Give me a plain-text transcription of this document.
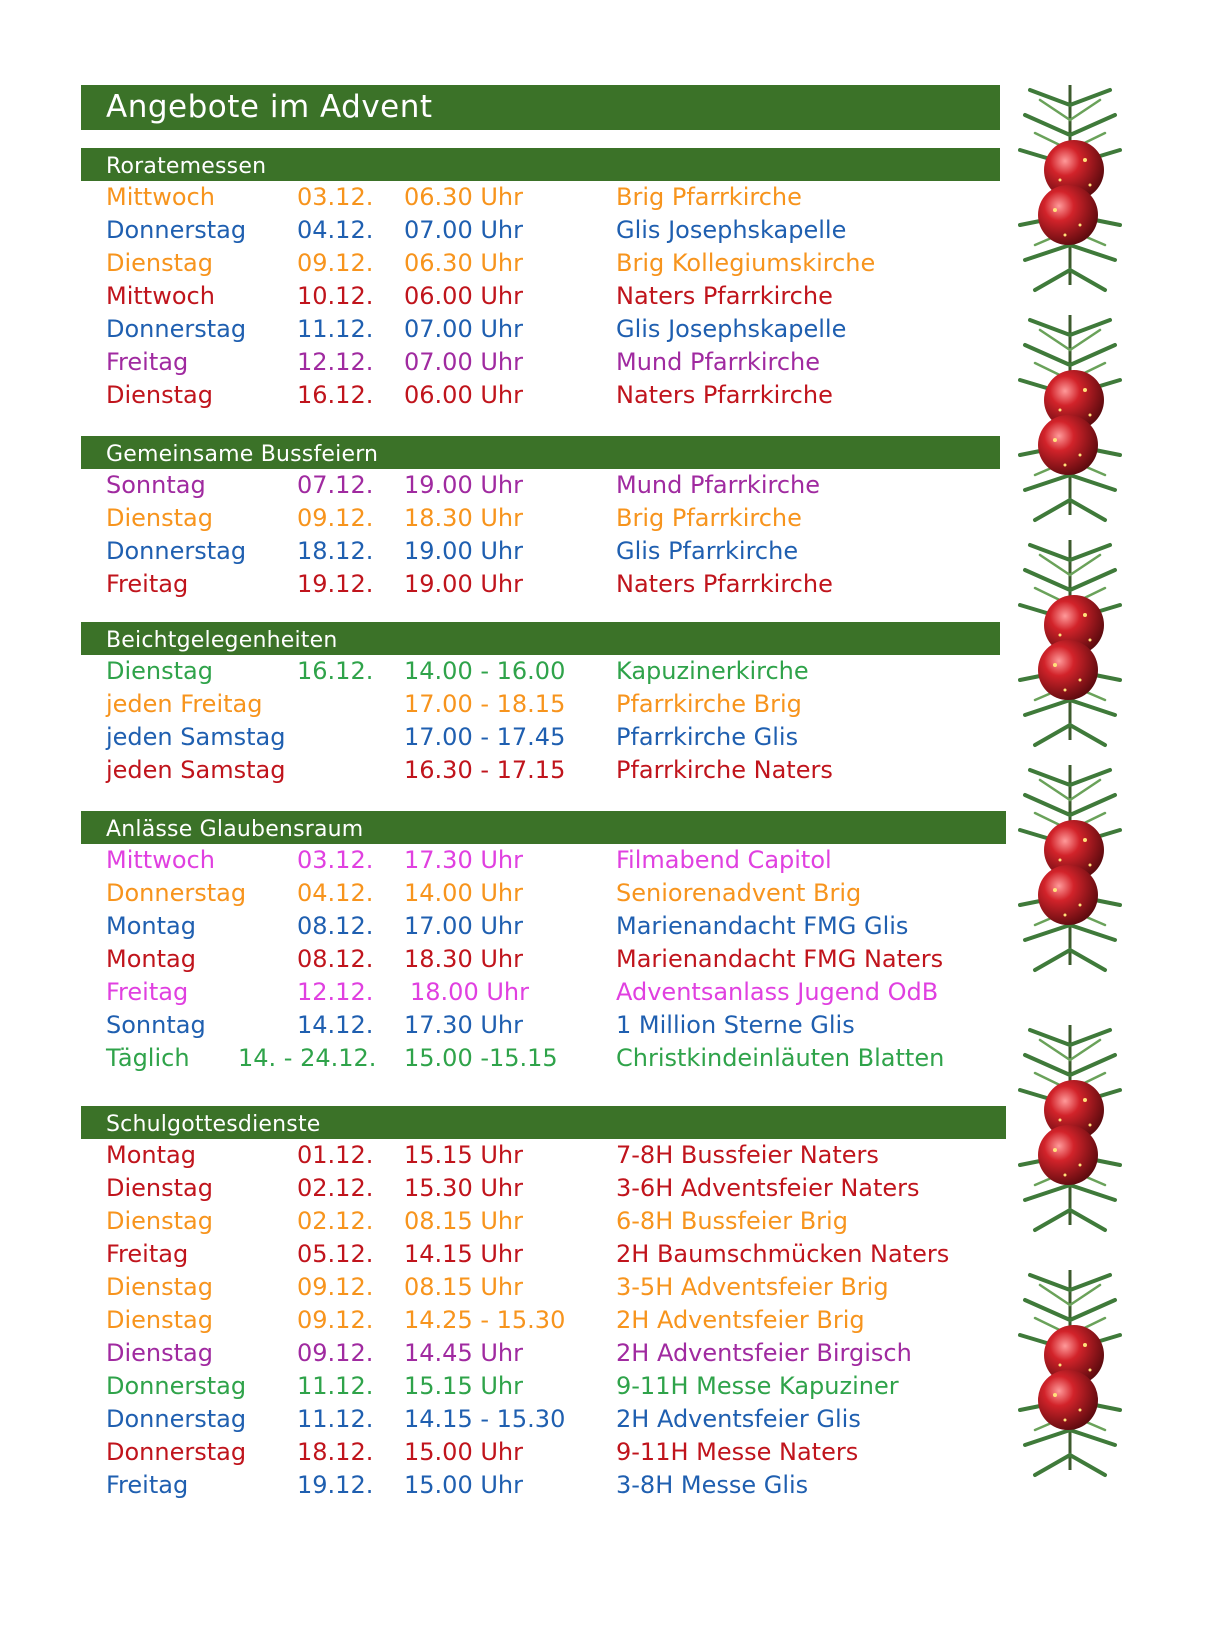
Angebote im Advent
Roratemessen
Mittwoch	03.12. 06.30 Uhr	Brig Pfarrkirche
Donnerstag 04.12. 07.00 Uhr	Glis Josephskapelle
Dienstag	09.12. 06.30 Uhr	Brig Kollegiumskirche
Mittwoch	10.12. 06.00 Uhr	Naters Pfarrkirche
Donnerstag 11.12. 07.00 Uhr	Glis Josephskapelle
Freitag	12.12. 07.00 Uhr	Mund Pfarrkirche
Dienstag	16.12. 06.00 Uhr	Naters Pfarrkirche
Gemeinsame Bussfeiern
Sonntag	07.12. 19.00 Uhr	Mund Pfarrkirche
Dienstag	09.12. 18.30 Uhr	Brig Pfarrkirche
Donnerstag 18.12. 19.00 Uhr	Glis Pfarrkirche
Freitag	19.12. 19.00 Uhr	Naters Pfarrkirche
Beichtgelegenheiten
Dienstag	16.12. 14.00 - 16.00 Kapuzinerkirche
jeden Freitag	17.00 - 18.15 Pfarrkirche Brig
jeden Samstag	17.00 - 17.45 Pfarrkirche Glis
jeden Samstag	16.30 - 17.15 Pfarrkirche Naters
Anlässe Glaubensraum
Mittwoch	03.12. 17.30 Uhr	Filmabend Capitol
Donnerstag 04.12. 14.00 Uhr	Seniorenadvent Brig
Montag	08.12. 17.00 Uhr	Marienandacht FMG Glis
Montag	08.12. 18.30 Uhr	Marienandacht FMG Naters
Freitag	12.12. 18.00 Uhr	Adventsanlass Jugend OdB
Sonntag	14.12. 17.30 Uhr	1 Million Sterne Glis
Täglich 14. - 24.12. 15.00 -15.15 Christkindeinläuten Blatten
Schulgottesdienste
Montag	01.12. 15.15 Uhr	7-8H Bussfeier Naters
Dienstag	02.12. 15.30 Uhr	3-6H Adventsfeier Naters
Dienstag	02.12. 08.15 Uhr	6-8H Bussfeier Brig
Freitag	05.12. 14.15 Uhr	2H Baumschmücken Naters
Dienstag	09.12. 08.15 Uhr	3-5H Adventsfeier Brig
Dienstag	09.12. 14.25 - 15.30 2H Adventsfeier Brig
Dienstag	09.12. 14.45 Uhr	2H Adventsfeier Birgisch
Donnerstag 11.12. 15.15 Uhr	9-11H Messe Kapuziner
Donnerstag 11.12. 14.15 - 15.30 2H Adventsfeier Glis
Donnerstag 18.12. 15.00 Uhr	9-11H Messe Naters
Freitag	19.12. 15.00 Uhr	3-8H Messe Glis
